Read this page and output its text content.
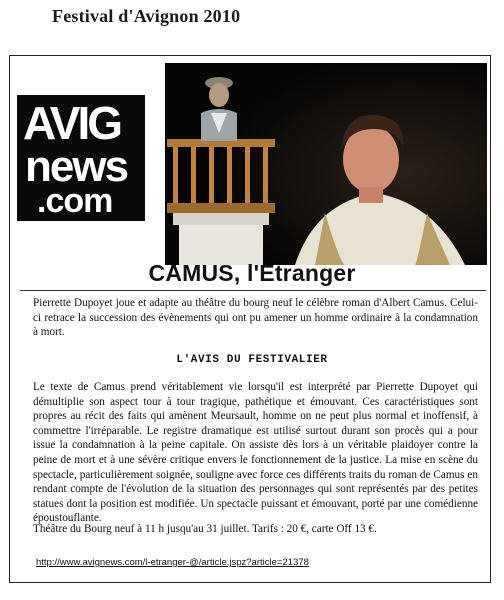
Festival d'Avignon 2010
AVIG
news
.com
CAMUS, l'Etranger
Pierrette Dupoyet joue et adapte au théâtre du bourg neuf le célèbre roman d'Albert Camus. Celui-ci retrace la succession des évènements qui ont pu amener un homme ordinaire à la condamnation à mort.
L'AVIS DU FESTIVALIER
Le texte de Camus prend véritablement vie lorsqu'il est interprété par Pierrette Dupoyet qui démultiplie son aspect tour à tour tragique, pathétique et émouvant. Ces caractéristiques sont propres au récit des faits qui amènent Meursault, homme on ne peut plus normal et inoffensif, à commettre l'irréparable. Le registre dramatique est utilisé surtout durant son procès qui a pour issue la condamnation à la peine capitale. On assiste dès lors à un véritable plaidoyer contre la peine de mort et à une sévère critique envers le fonctionnement de la justice. La mise en scène du spectacle, particulièrement soignée, souligne avec force ces différents traits du roman de Camus en rendant compte de l'évolution de la situation des personnages qui sont représentés par des petites statues dont la position est modifiée. Un spectacle puissant et émouvant, porté par une comédienne époustouflante.
Théâtre du Bourg neuf à 11 h jusqu'au 31 juillet. Tarifs : 20 €, carte Off 13 €.
http://www.avignews.com/l-etranger-@/article.jspz?article=21378
